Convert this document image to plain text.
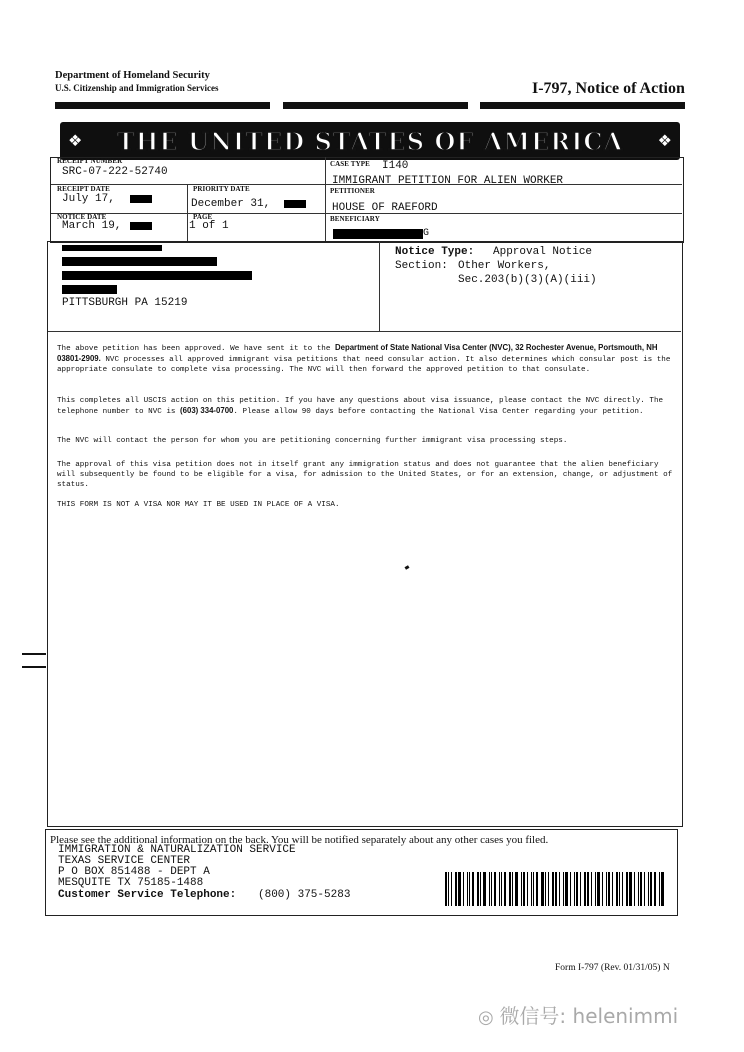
Department of Homeland Security
U.S. Citizenship and Immigration Services	I-797, Notice of Action
❖ THE UNITED STATES OF AMERICA ❖
RECEIPT NUMBER
SRC-07-222-52740
CASE TYPE I140
IMMIGRANT PETITION FOR ALIEN WORKER
RECEIPT DATE
July 17,
PRIORITY DATE
December 31,
PETITIONER
HOUSE OF RAEFORD
NOTICE DATE
March 19,
PAGE
1 of 1
BENEFICIARY
G
PITTSBURGH PA 15219
Notice Type: Approval Notice
Section: Other Workers,
Sec.203(b)(3)(A)(iii)
The above petition has been approved. We have sent it to the Department of State National Visa Center (NVC), 32 Rochester Avenue, Portsmouth, NH 03801-2909. NVC processes all approved immigrant visa petitions that need consular action. It also determines which consular post is the appropriate consulate to complete visa processing. The NVC will then forward the approved petition to that consulate.
This completes all USCIS action on this petition. If you have any questions about visa issuance, please contact the NVC directly. The telephone number to NVC is (603) 334-0700. Please allow 90 days before contacting the National Visa Center regarding your petition.
The NVC will contact the person for whom you are petitioning concerning further immigrant visa processing steps.
The approval of this visa petition does not in itself grant any immigration status and does not guarantee that the alien beneficiary will subsequently be found to be eligible for a visa, for admission to the United States, or for an extension, change, or adjustment of status.
THIS FORM IS NOT A VISA NOR MAY IT BE USED IN PLACE OF A VISA.
Please see the additional information on the back. You will be notified separately about any other cases you filed.
IMMIGRATION & NATURALIZATION SERVICE
TEXAS SERVICE CENTER
P O BOX 851488 - DEPT A
MESQUITE TX 75185-1488
Customer Service Telephone: (800) 375-5283
Form I-797 (Rev. 01/31/05) N
◎ 微信号: helenimmi
